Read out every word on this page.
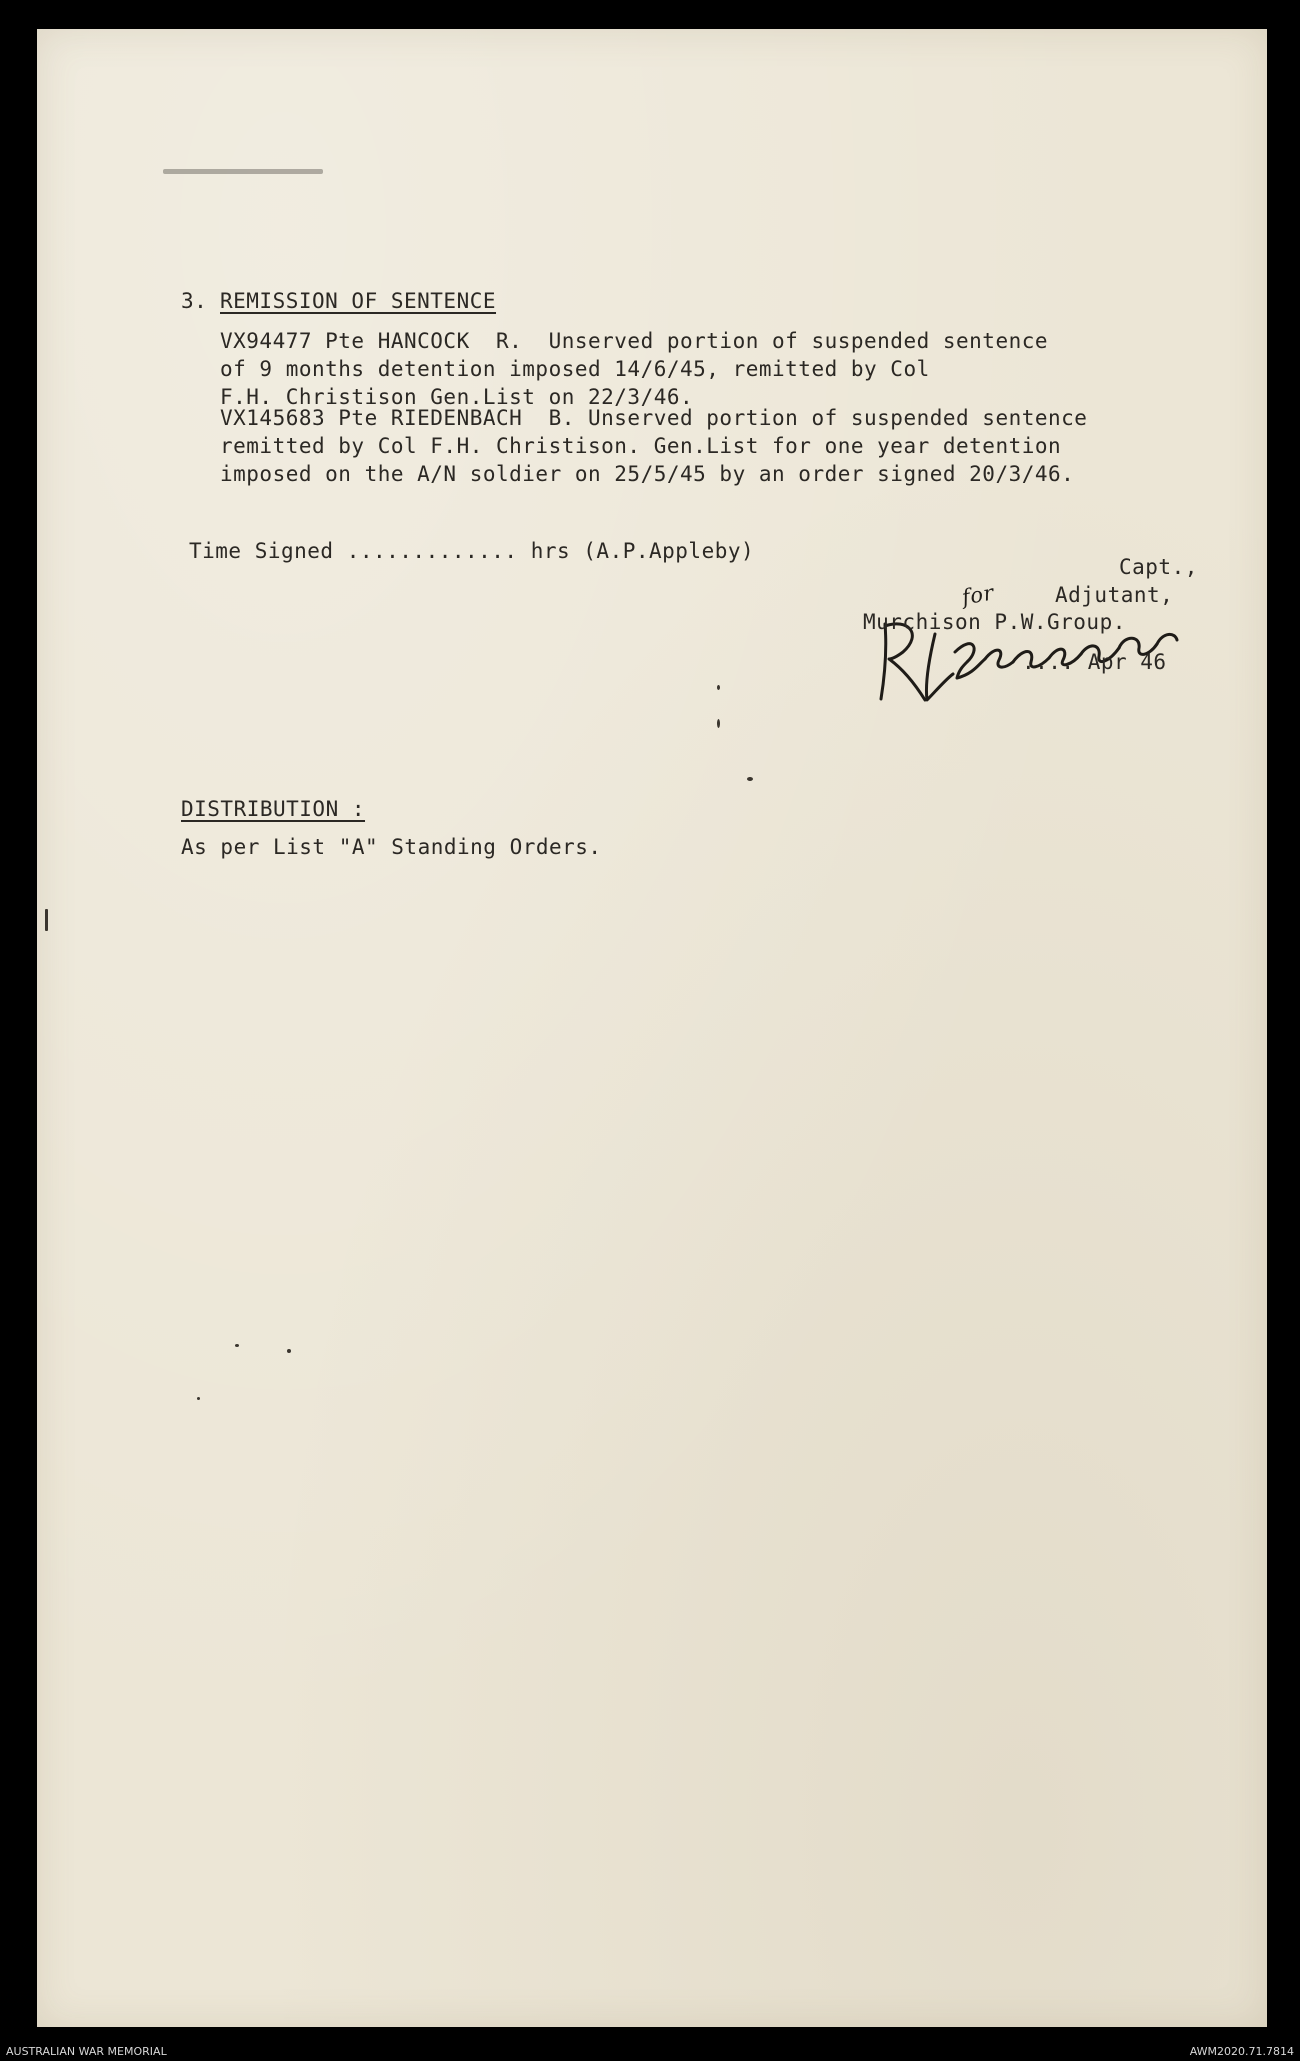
3. REMISSION OF SENTENCE
VX94477 Pte HANCOCK  R.  Unserved portion of suspended sentence
of 9 months detention imposed 14/6/45, remitted by Col
F.H. Christison Gen.List on 22/3/46.
VX145683 Pte RIEDENBACH  B. Unserved portion of suspended sentence
remitted by Col F.H. Christison. Gen.List for one year detention
imposed on the A/N soldier on 25/5/45 by an order signed 20/3/46.
Time Signed ............. hrs (A.P.Appleby)
Capt.,
for	Adjutant,
Murchison P.W.Group.
.... Apr 46
DISTRIBUTION :
As per List "A" Standing Orders.
AUSTRALIAN WAR MEMORIAL	AWM2020.71.7814
